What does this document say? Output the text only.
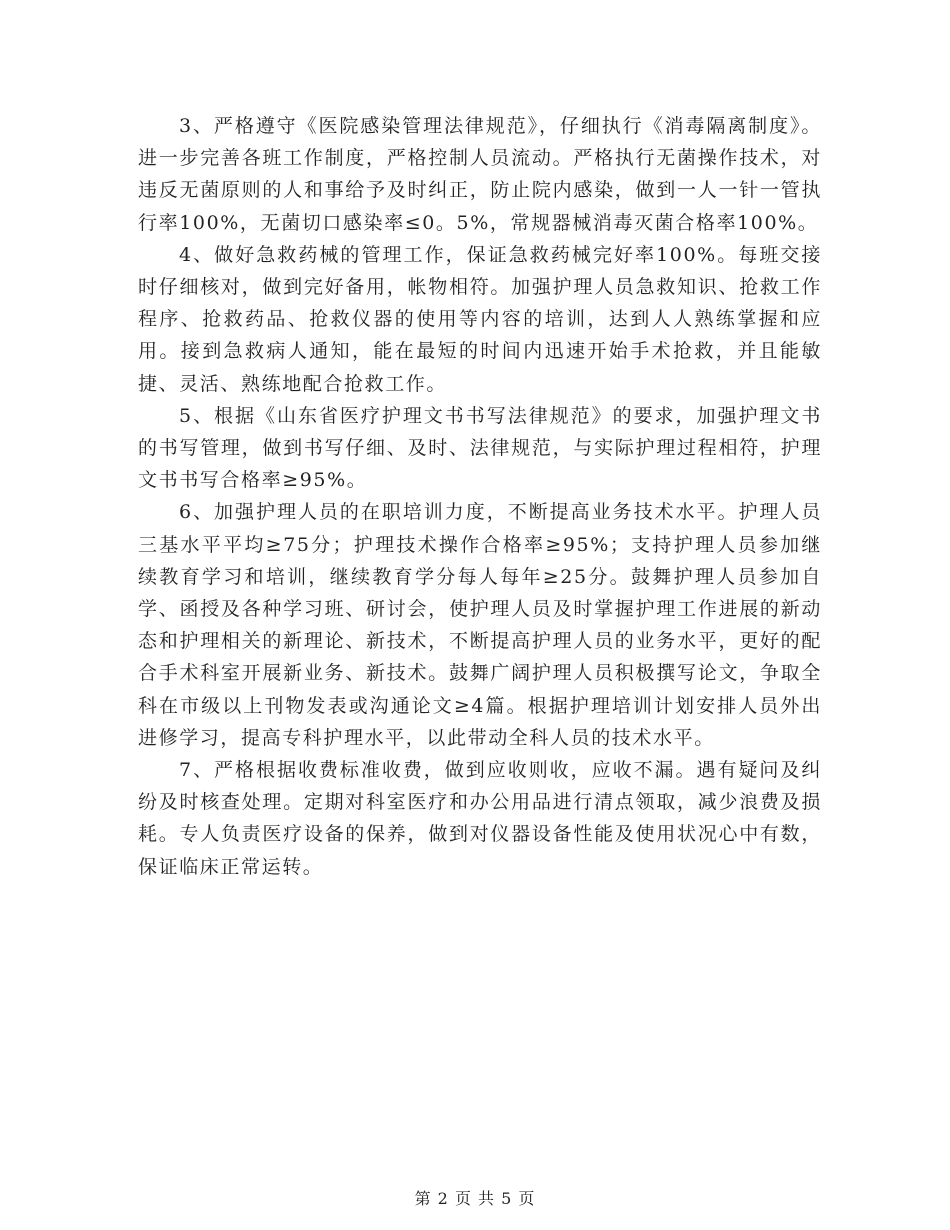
3、严格遵守《医院感染管理法律规范》，仔细执行《消毒隔离制度》。进一步完善各班工作制度，严格控制人员流动。严格执行无菌操作技术，对违反无菌原则的人和事给予及时纠正，防止院内感染，做到一人一针一管执行率100%，无菌切口感染率≤0。5%，常规器械消毒灭菌合格率100%。

4、做好急救药械的管理工作，保证急救药械完好率100%。每班交接时仔细核对，做到完好备用，帐物相符。加强护理人员急救知识、抢救工作程序、抢救药品、抢救仪器的使用等内容的培训，达到人人熟练掌握和应用。接到急救病人通知，能在最短的时间内迅速开始手术抢救，并且能敏捷、灵活、熟练地配合抢救工作。

5、根据《山东省医疗护理文书书写法律规范》的要求，加强护理文书的书写管理，做到书写仔细、及时、法律规范，与实际护理过程相符，护理文书书写合格率≥95%。

6、加强护理人员的在职培训力度，不断提高业务技术水平。护理人员三基水平平均≥75分；护理技术操作合格率≥95%；支持护理人员参加继续教育学习和培训，继续教育学分每人每年≥25分。鼓舞护理人员参加自学、函授及各种学习班、研讨会，使护理人员及时掌握护理工作进展的新动态和护理相关的新理论、新技术，不断提高护理人员的业务水平，更好的配合手术科室开展新业务、新技术。鼓舞广阔护理人员积极撰写论文，争取全科在市级以上刊物发表或沟通论文≥4篇。根据护理培训计划安排人员外出进修学习，提高专科护理水平，以此带动全科人员的技术水平。

7、严格根据收费标准收费，做到应收则收，应收不漏。遇有疑问及纠纷及时核查处理。定期对科室医疗和办公用品进行清点领取，减少浪费及损耗。专人负责医疗设备的保养，做到对仪器设备性能及使用状况心中有数，保证临床正常运转。

第 2 页 共 5 页
